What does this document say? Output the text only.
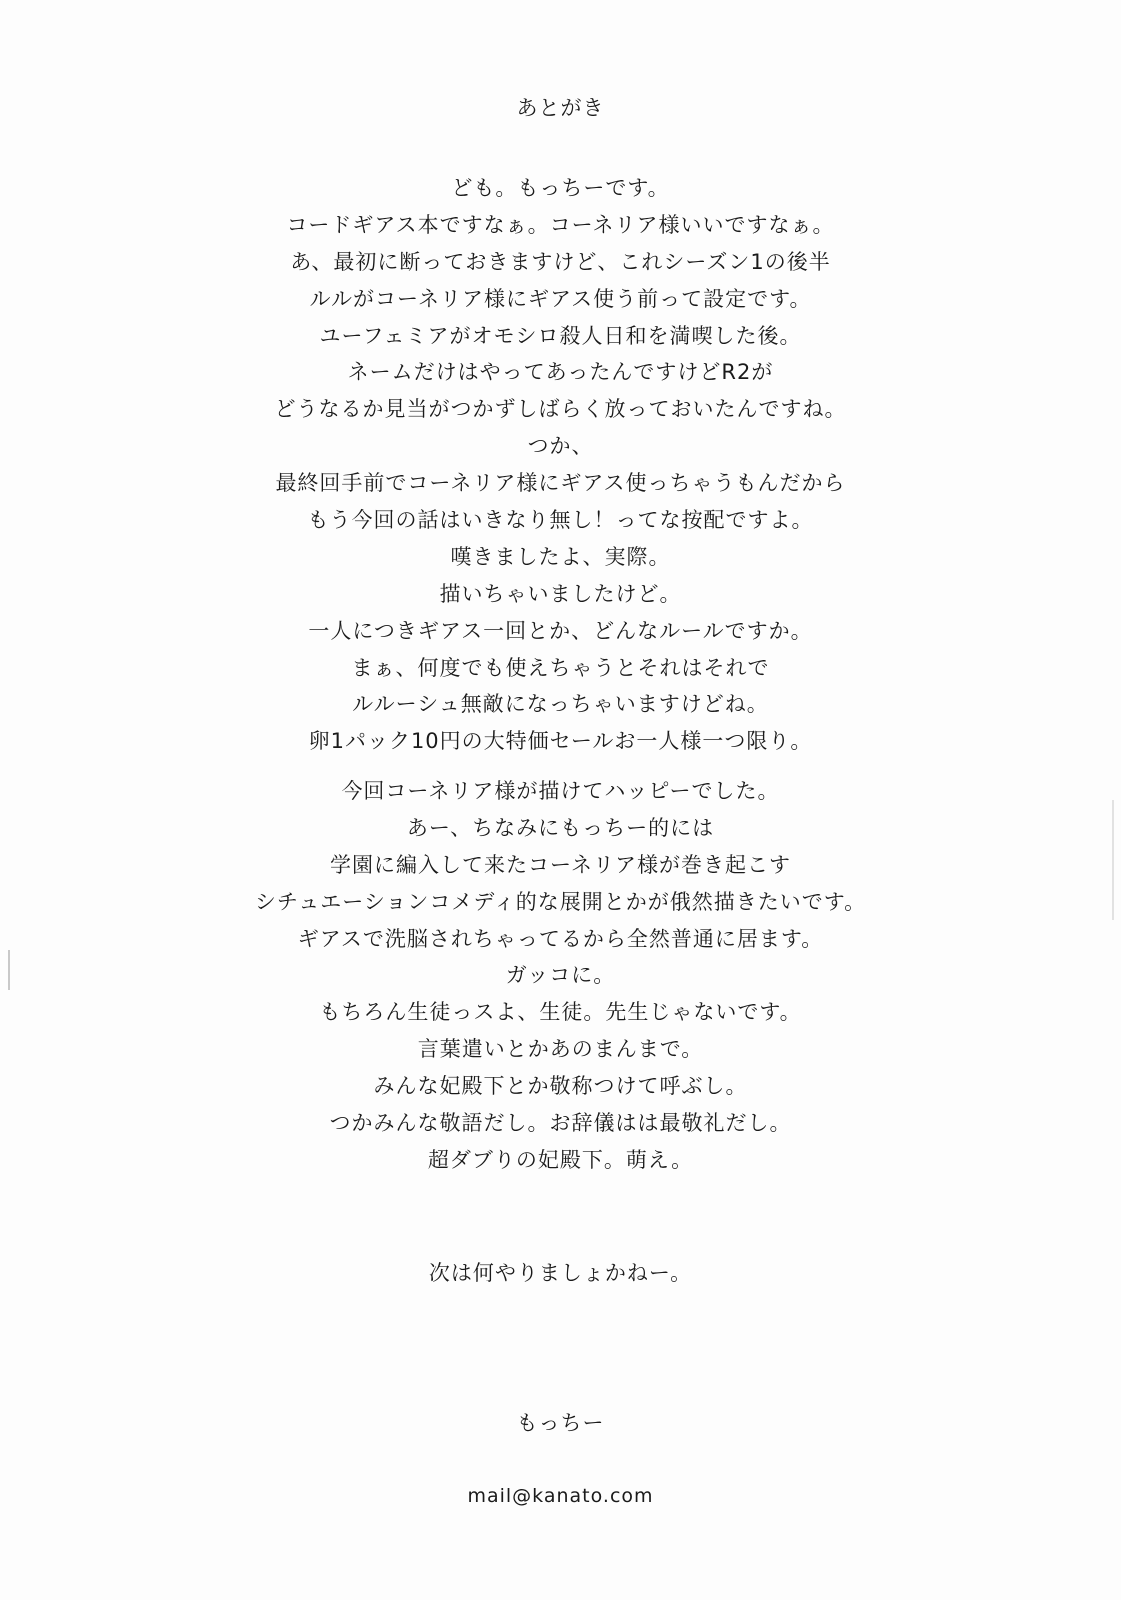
あとがき
ども。もっちーです。
コードギアス本ですなぁ。コーネリア様いいですなぁ。
あ、最初に断っておきますけど、これシーズン1の後半
ルルがコーネリア様にギアス使う前って設定です。
ユーフェミアがオモシロ殺人日和を満喫した後。
ネームだけはやってあったんですけどR2が
どうなるか見当がつかずしばらく放っておいたんですね。
つか、
最終回手前でコーネリア様にギアス使っちゃうもんだから
もう今回の話はいきなり無し！ってな按配ですよ。
嘆きましたよ、実際。
描いちゃいましたけど。
一人につきギアス一回とか、どんなルールですか。
まぁ、何度でも使えちゃうとそれはそれで
ルルーシュ無敵になっちゃいますけどね。
卵1パック10円の大特価セールお一人様一つ限り。
今回コーネリア様が描けてハッピーでした。
あー、ちなみにもっちー的には
学園に編入して来たコーネリア様が巻き起こす
シチュエーションコメディ的な展開とかが俄然描きたいです。
ギアスで洗脳されちゃってるから全然普通に居ます。
ガッコに。
もちろん生徒っスよ、生徒。先生じゃないです。
言葉遣いとかあのまんまで。
みんな妃殿下とか敬称つけて呼ぶし。
つかみんな敬語だし。お辞儀はは最敬礼だし。
超ダブりの妃殿下。萌え。
次は何やりましょかねー。
もっちー
mail@kanato.com
